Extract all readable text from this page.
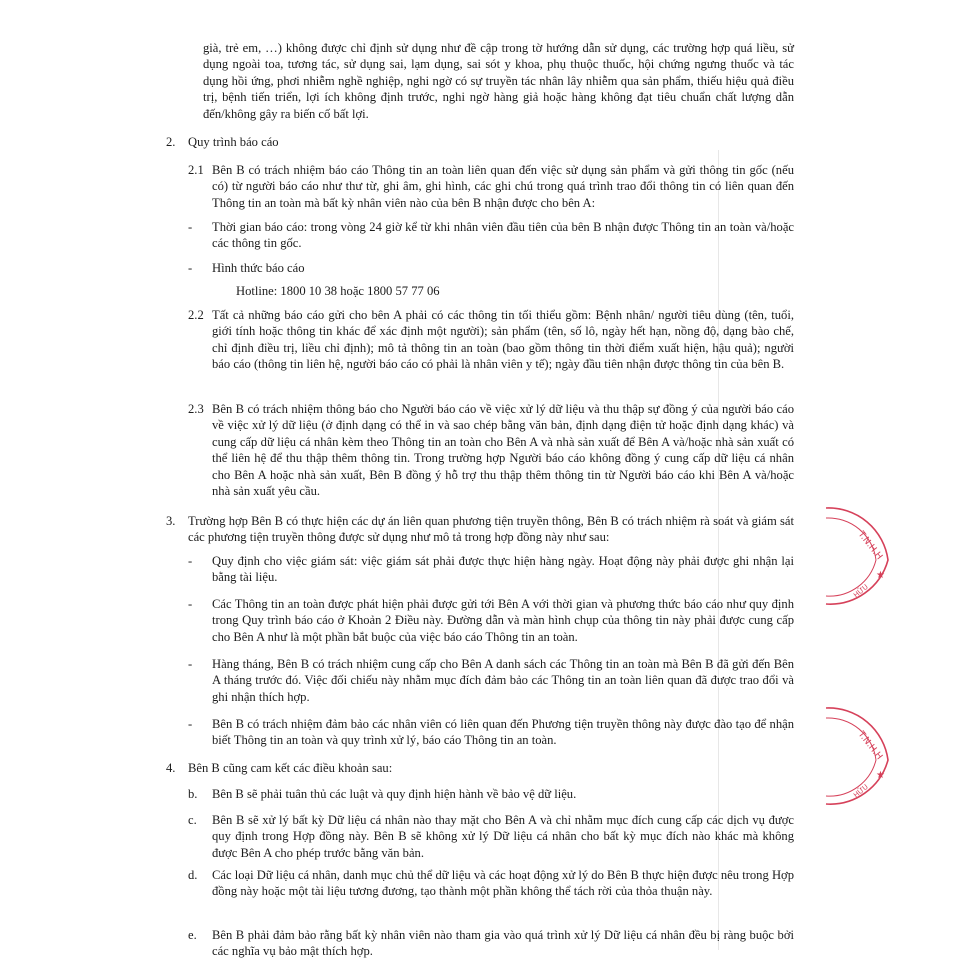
già, trẻ em, …) không được chỉ định sử dụng như đề cập trong tờ hướng dẫn sử dụng, các trường hợp quá liều, sử dụng ngoài toa, tương tác, sử dụng sai, lạm dụng, sai sót y khoa, phụ thuộc thuốc, hội chứng ngưng thuốc và tác dụng hồi ứng, phơi nhiễm nghề nghiệp, nghi ngờ có sự truyền tác nhân lây nhiễm qua sản phẩm, thiếu hiệu quả điều trị, bệnh tiến triển, lợi ích không định trước, nghi ngờ hàng giả hoặc hàng không đạt tiêu chuẩn chất lượng dẫn đến/không gây ra biến cố bất lợi.

2. Quy trình báo cáo
2.1 Bên B có trách nhiệm báo cáo Thông tin an toàn liên quan đến việc sử dụng sản phẩm và gửi thông tin gốc (nếu có) từ người báo cáo như thư từ, ghi âm, ghi hình, các ghi chú trong quá trình trao đổi thông tin có liên quan đến Thông tin an toàn mà bất kỳ nhân viên nào của bên B nhận được cho bên A:

- Thời gian báo cáo: trong vòng 24 giờ kể từ khi nhân viên đầu tiên của bên B nhận được Thông tin an toàn và/hoặc các thông tin gốc.

- Hình thức báo cáo

Hotline: 1800 10 38 hoặc 1800 57 77 06
2.2 Tất cả những báo cáo gửi cho bên A phải có các thông tin tối thiểu gồm: Bệnh nhân/ người tiêu dùng (tên, tuổi, giới tính hoặc thông tin khác để xác định một người); sản phẩm (tên, số lô, ngày hết hạn, nồng độ, dạng bào chế, chỉ định điều trị, liều chỉ định); mô tả thông tin an toàn (bao gồm thông tin thời điểm xuất hiện, hậu quả); người báo cáo (thông tin liên hệ, người báo cáo có phải là nhân viên y tế); ngày đầu tiên nhận được thông tin của bên B.

2.3 Bên B có trách nhiệm thông báo cho Người báo cáo về việc xử lý dữ liệu và thu thập sự đồng ý của người báo cáo về việc xử lý dữ liệu (ở định dạng có thể in và sao chép bằng văn bản, định dạng điện tử hoặc định dạng khác) và cung cấp dữ liệu cá nhân kèm theo Thông tin an toàn cho Bên A và nhà sản xuất để Bên A và/hoặc nhà sản xuất có thể liên hệ để thu thập thêm thông tin. Trong trường hợp Người báo cáo không đồng ý cung cấp dữ liệu cá nhân cho Bên A hoặc nhà sản xuất, Bên B đồng ý hỗ trợ thu thập thêm thông tin từ Người báo cáo khi Bên A và/hoặc nhà sản xuất yêu cầu.

3. Trường hợp Bên B có thực hiện các dự án liên quan phương tiện truyền thông, Bên B có trách nhiệm rà soát và giám sát các phương tiện truyền thông được sử dụng như mô tả trong hợp đồng này như sau:

- Quy định cho việc giám sát: việc giám sát phải được thực hiện hàng ngày. Hoạt động này phải được ghi nhận lại bằng tài liệu.

- Các Thông tin an toàn được phát hiện phải được gửi tới Bên A với thời gian và phương thức báo cáo như quy định trong Quy trình báo cáo ở Khoản 2 Điều này. Đường dẫn và màn hình chụp của thông tin này phải được cung cấp cho Bên A như là một phần bắt buộc của việc báo cáo Thông tin an toàn.

- Hàng tháng, Bên B có trách nhiệm cung cấp cho Bên A danh sách các Thông tin an toàn mà Bên B đã gửi đến Bên A tháng trước đó. Việc đối chiếu này nhằm mục đích đảm bảo các Thông tin an toàn liên quan đã được trao đổi và ghi nhận thích hợp.

- Bên B có trách nhiệm đảm bảo các nhân viên có liên quan đến Phương tiện truyền thông này được đào tạo để nhận biết Thông tin an toàn và quy trình xử lý, báo cáo Thông tin an toàn.

4. Bên B cũng cam kết các điều khoản sau:

b. Bên B sẽ phải tuân thủ các luật và quy định hiện hành về bảo vệ dữ liệu.

c. Bên B sẽ xử lý bất kỳ Dữ liệu cá nhân nào thay mặt cho Bên A và chỉ nhằm mục đích cung cấp các dịch vụ được quy định trong Hợp đồng này. Bên B sẽ không xử lý Dữ liệu cá nhân cho bất kỳ mục đích nào khác mà không được Bên A cho phép trước bằng văn bản.

d. Các loại Dữ liệu cá nhân, danh mục chủ thể dữ liệu và các hoạt động xử lý do Bên B thực hiện được nêu trong Hợp đồng này hoặc một tài liệu tương đương, tạo thành một phần không thể tách rời của thỏa thuận này.

e. Bên B phải đảm bảo rằng bất kỳ nhân viên nào tham gia vào quá trình xử lý Dữ liệu cá nhân đều bị ràng buộc bởi các nghĩa vụ bảo mật thích hợp.

T.N.H.H
★
HỮU
T.N.H.H
★
HỮU
